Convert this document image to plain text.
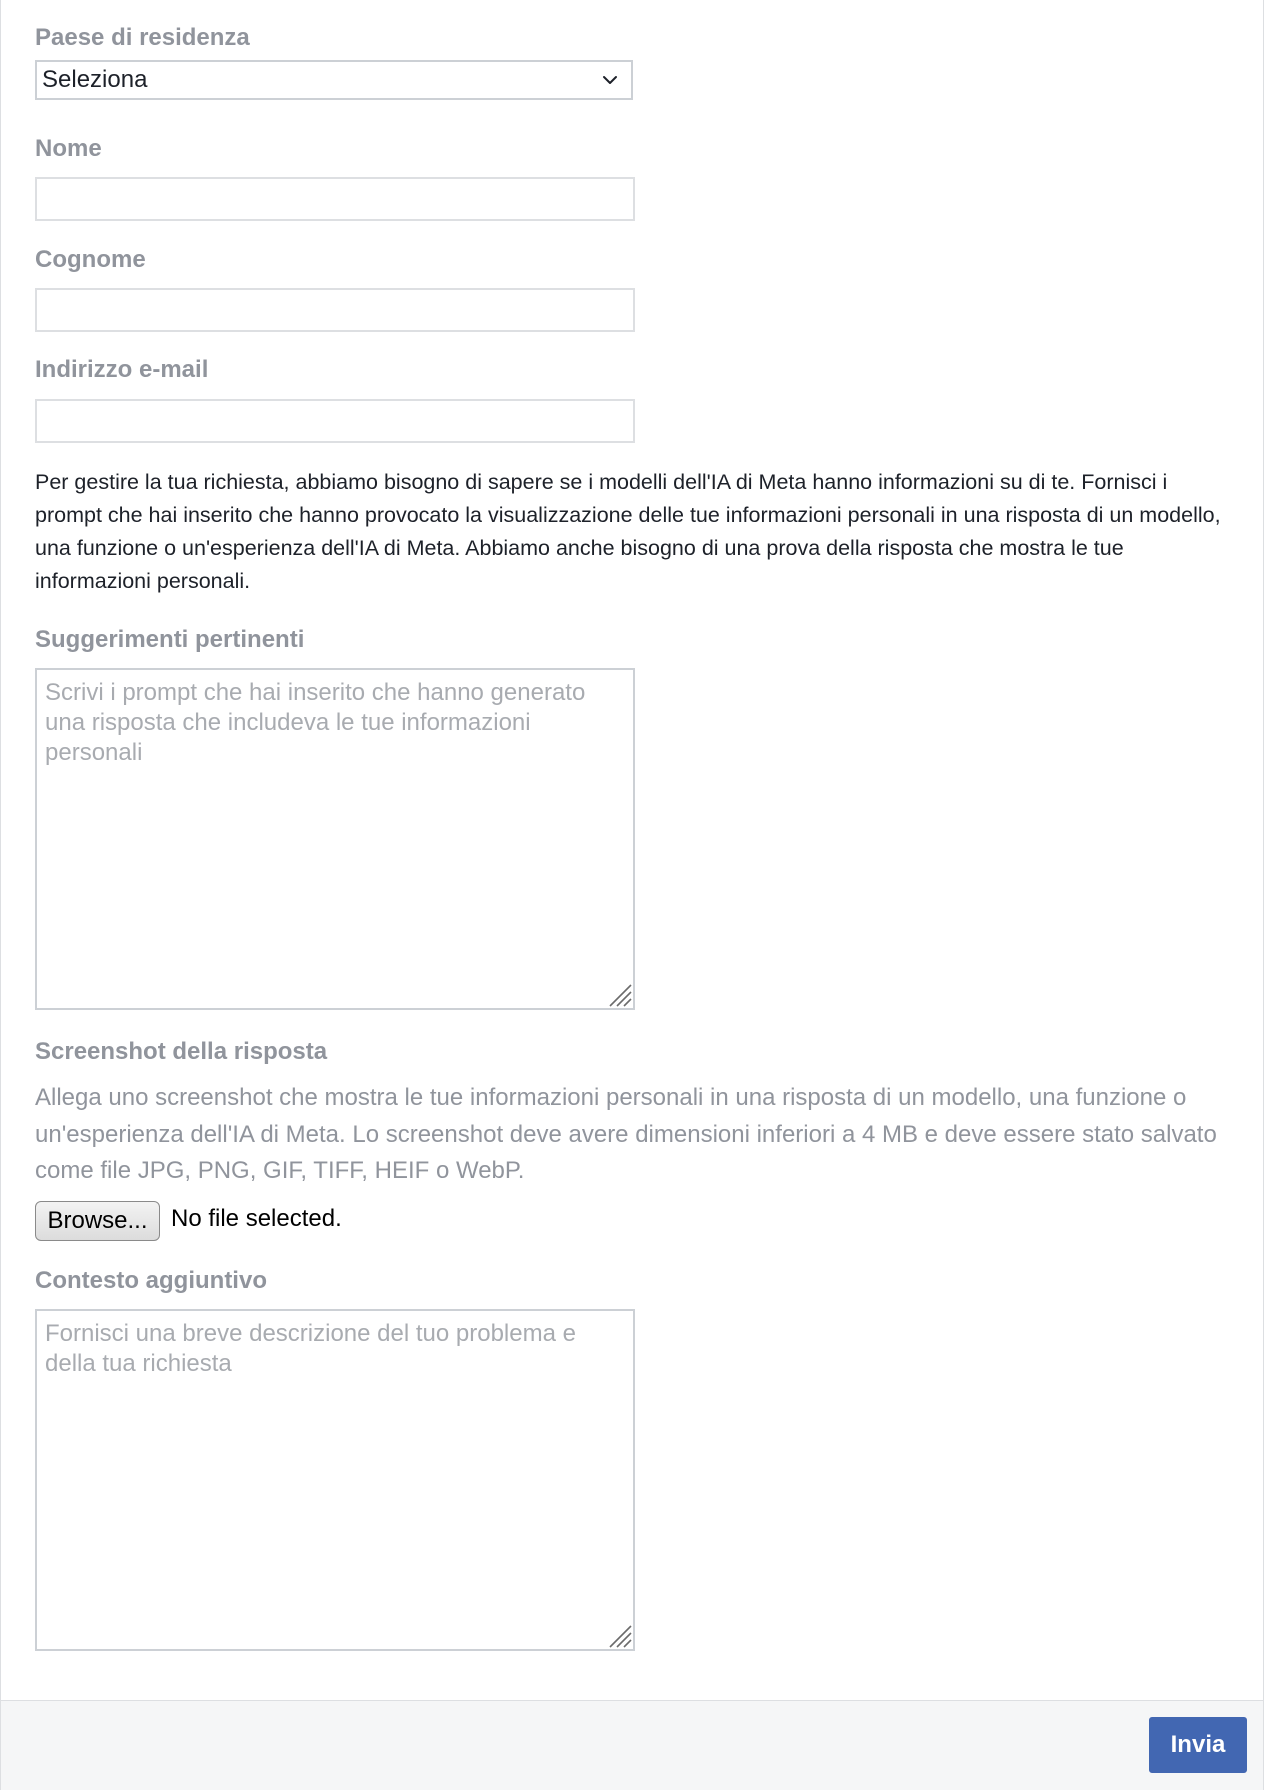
Paese di residenza
Seleziona
Nome
Cognome
Indirizzo e-mail
Per gestire la tua richiesta, abbiamo bisogno di sapere se i modelli dell'IA di Meta hanno informazioni su di te. Fornisci i prompt che hai inserito che hanno provocato la visualizzazione delle tue informazioni personali in una risposta di un modello, una funzione o un'esperienza dell'IA di Meta. Abbiamo anche bisogno di una prova della risposta che mostra le tue informazioni personali.
Suggerimenti pertinenti
Scrivi i prompt che hai inserito che hanno generato una risposta che includeva le tue informazioni personali
Screenshot della risposta
Allega uno screenshot che mostra le tue informazioni personali in una risposta di un modello, una funzione o un'esperienza dell'IA di Meta. Lo screenshot deve avere dimensioni inferiori a 4 MB e deve essere stato salvato come file JPG, PNG, GIF, TIFF, HEIF o WebP.
Browse... No file selected.
Contesto aggiuntivo
Fornisci una breve descrizione del tuo problema e della tua richiesta
Invia
